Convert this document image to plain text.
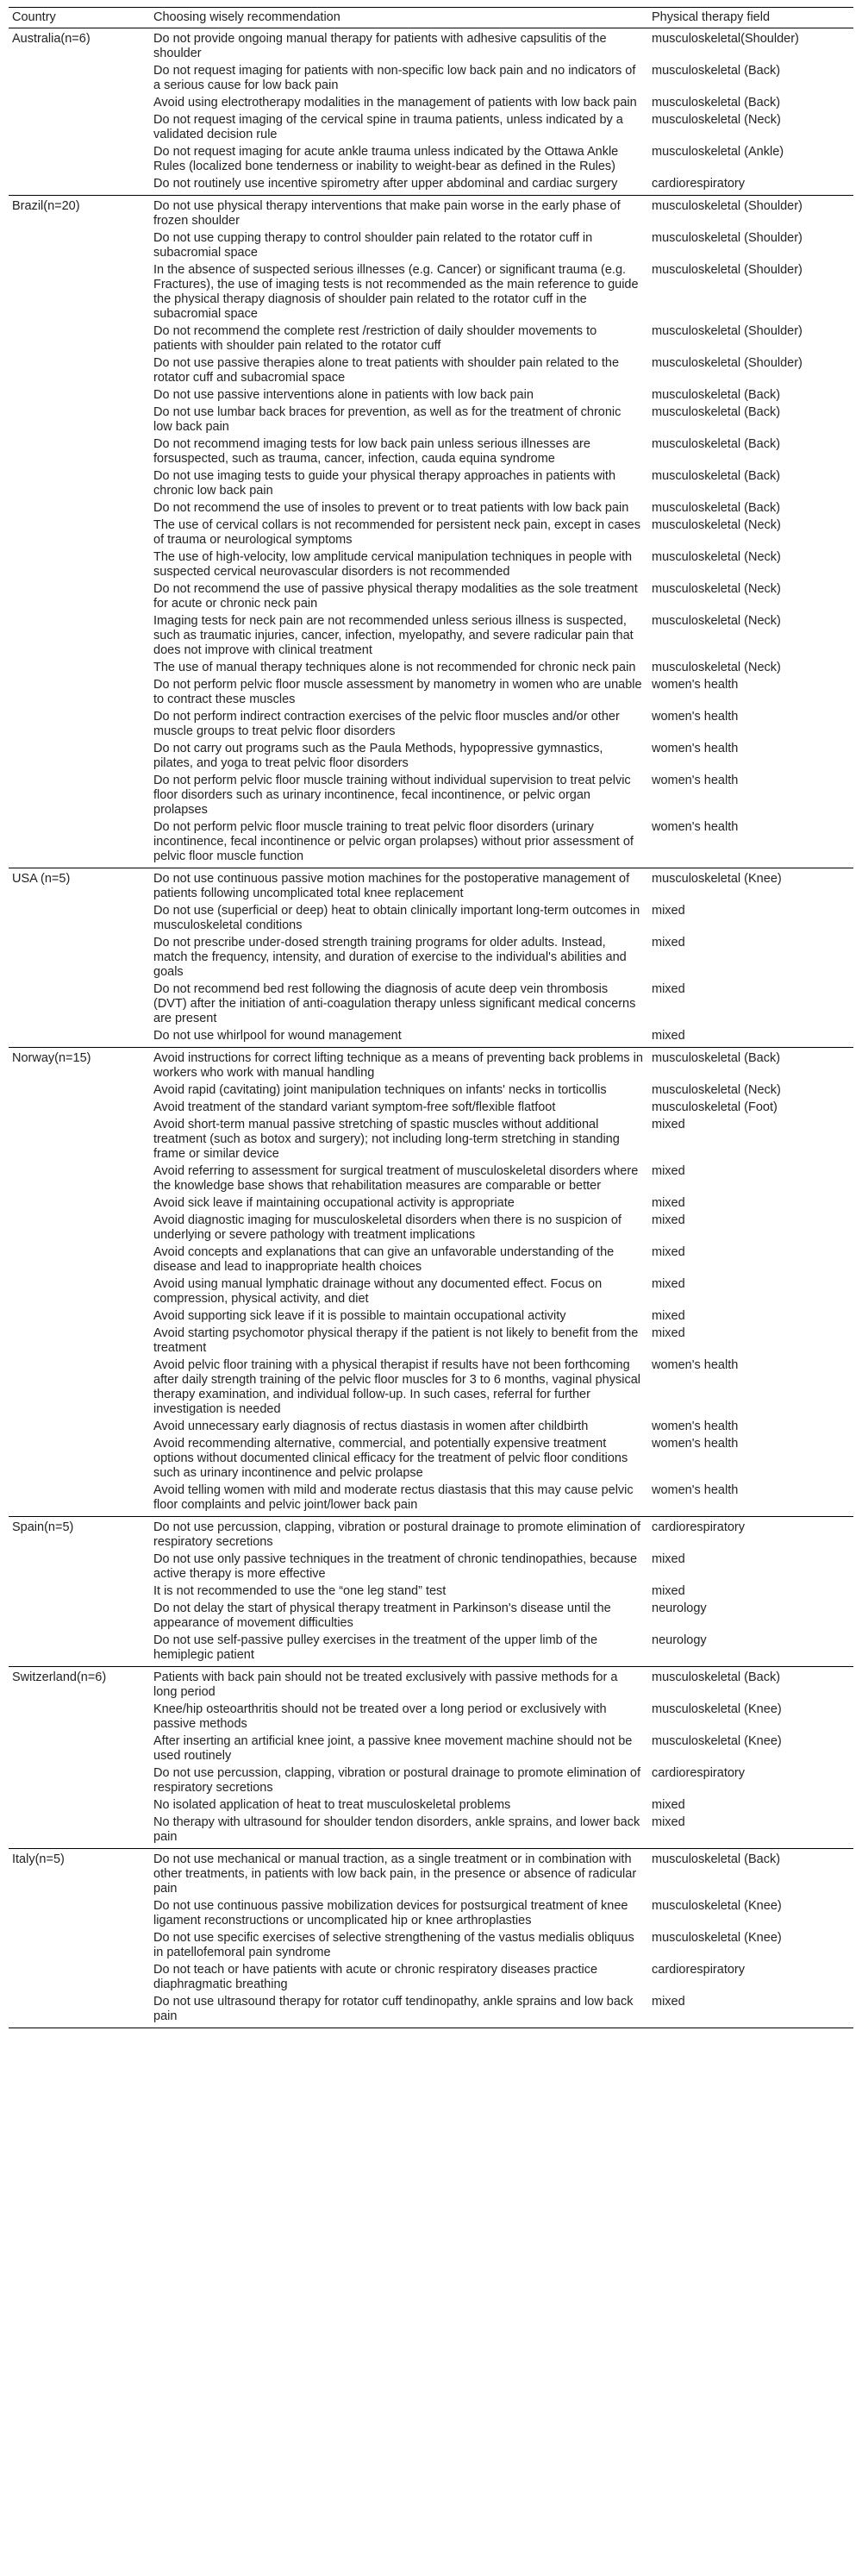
Country	Choosing wisely recommendation	Physical therapy field
Australia(n=6)	Do not provide ongoing manual therapy for patients with adhesive capsulitis of the shoulder	musculoskeletal(Shoulder)
	Do not request imaging for patients with non-specific low back pain and no indicators of a serious cause for low back pain	musculoskeletal (Back)
	Avoid using electrotherapy modalities in the management of patients with low back pain	musculoskeletal (Back)
	Do not request imaging of the cervical spine in trauma patients, unless indicated by a validated decision rule	musculoskeletal (Neck)
	Do not request imaging for acute ankle trauma unless indicated by the Ottawa Ankle Rules (localized bone tenderness or inability to weight-bear as defined in the Rules)	musculoskeletal (Ankle)
	Do not routinely use incentive spirometry after upper abdominal and cardiac surgery	cardiorespiratory
Brazil(n=20)	Do not use physical therapy interventions that make pain worse in the early phase of frozen shoulder	musculoskeletal (Shoulder)
	Do not use cupping therapy to control shoulder pain related to the rotator cuff in subacromial space	musculoskeletal (Shoulder)
	In the absence of suspected serious illnesses (e.g. Cancer) or significant trauma (e.g. Fractures), the use of imaging tests is not recommended as the main reference to guide the physical therapy diagnosis of shoulder pain related to the rotator cuff in the subacromial space	musculoskeletal (Shoulder)
	Do not recommend the complete rest /restriction of daily shoulder movements to patients with shoulder pain related to the rotator cuff	musculoskeletal (Shoulder)
	Do not use passive therapies alone to treat patients with shoulder pain related to the rotator cuff and subacromial space	musculoskeletal (Shoulder)
	Do not use passive interventions alone in patients with low back pain	musculoskeletal (Back)
	Do not use lumbar back braces for prevention, as well as for the treatment of chronic low back pain	musculoskeletal (Back)
	Do not recommend imaging tests for low back pain unless serious illnesses are forsuspected, such as trauma, cancer, infection, cauda equina syndrome	musculoskeletal (Back)
	Do not use imaging tests to guide your physical therapy approaches in patients with chronic low back pain	musculoskeletal (Back)
	Do not recommend the use of insoles to prevent or to treat patients with low back pain	musculoskeletal (Back)
	The use of cervical collars is not recommended for persistent neck pain, except in cases of trauma or neurological symptoms	musculoskeletal (Neck)
	The use of high-velocity, low amplitude cervical manipulation techniques in people with suspected cervical neurovascular disorders is not recommended	musculoskeletal (Neck)
	Do not recommend the use of passive physical therapy modalities as the sole treatment for acute or chronic neck pain	musculoskeletal (Neck)
	Imaging tests for neck pain are not recommended unless serious illness is suspected, such as traumatic injuries, cancer, infection, myelopathy, and severe radicular pain that does not improve with clinical treatment	musculoskeletal (Neck)
	The use of manual therapy techniques alone is not recommended for chronic neck pain	musculoskeletal (Neck)
	Do not perform pelvic floor muscle assessment by manometry in women who are unable to contract these muscles	women's health
	Do not perform indirect contraction exercises of the pelvic floor muscles and/or other muscle groups to treat pelvic floor disorders	women's health
	Do not carry out programs such as the Paula Methods, hypopressive gymnastics, pilates, and yoga to treat pelvic floor disorders	women's health
	Do not perform pelvic floor muscle training without individual supervision to treat pelvic floor disorders such as urinary incontinence, fecal incontinence, or pelvic organ prolapses	women's health
	Do not perform pelvic floor muscle training to treat pelvic floor disorders (urinary incontinence, fecal incontinence or pelvic organ prolapses) without prior assessment of pelvic floor muscle function	women's health
USA (n=5)	Do not use continuous passive motion machines for the postoperative management of patients following uncomplicated total knee replacement	musculoskeletal (Knee)
	Do not use (superficial or deep) heat to obtain clinically important long-term outcomes in musculoskeletal conditions	mixed
	Do not prescribe under-dosed strength training programs for older adults. Instead, match the frequency, intensity, and duration of exercise to the individual's abilities and goals	mixed
	Do not recommend bed rest following the diagnosis of acute deep vein thrombosis (DVT) after the initiation of anti-coagulation therapy unless significant medical concerns are present	mixed
	Do not use whirlpool for wound management	mixed
Norway(n=15)	Avoid instructions for correct lifting technique as a means of preventing back problems in workers who work with manual handling	musculoskeletal (Back)
	Avoid rapid (cavitating) joint manipulation techniques on infants' necks in torticollis	musculoskeletal (Neck)
	Avoid treatment of the standard variant symptom-free soft/flexible flatfoot	musculoskeletal (Foot)
	Avoid short-term manual passive stretching of spastic muscles without additional treatment (such as botox and surgery); not including long-term stretching in standing frame or similar device	mixed
	Avoid referring to assessment for surgical treatment of musculoskeletal disorders where the knowledge base shows that rehabilitation measures are comparable or better	mixed
	Avoid sick leave if maintaining occupational activity is appropriate	mixed
	Avoid diagnostic imaging for musculoskeletal disorders when there is no suspicion of underlying or severe pathology with treatment implications	mixed
	Avoid concepts and explanations that can give an unfavorable understanding of the disease and lead to inappropriate health choices	mixed
	Avoid using manual lymphatic drainage without any documented effect. Focus on compression, physical activity, and diet	mixed
	Avoid supporting sick leave if it is possible to maintain occupational activity	mixed
	Avoid starting psychomotor physical therapy if the patient is not likely to benefit from the treatment	mixed
	Avoid pelvic floor training with a physical therapist if results have not been forthcoming after daily strength training of the pelvic floor muscles for 3 to 6 months, vaginal physical therapy examination, and individual follow-up. In such cases, referral for further investigation is needed	women's health
	Avoid unnecessary early diagnosis of rectus diastasis in women after childbirth	women's health
	Avoid recommending alternative, commercial, and potentially expensive treatment options without documented clinical efficacy for the treatment of pelvic floor conditions such as urinary incontinence and pelvic prolapse	women's health
	Avoid telling women with mild and moderate rectus diastasis that this may cause pelvic floor complaints and pelvic joint/lower back pain	women's health
Spain(n=5)	Do not use percussion, clapping, vibration or postural drainage to promote elimination of respiratory secretions	cardiorespiratory
	Do not use only passive techniques in the treatment of chronic tendinopathies, because active therapy is more effective	mixed
	It is not recommended to use the “one leg stand” test	mixed
	Do not delay the start of physical therapy treatment in Parkinson's disease until the appearance of movement difficulties	neurology
	Do not use self-passive pulley exercises in the treatment of the upper limb of the hemiplegic patient	neurology
Switzerland(n=6)	Patients with back pain should not be treated exclusively with passive methods for a long period	musculoskeletal (Back)
	Knee/hip osteoarthritis should not be treated over a long period or exclusively with passive methods	musculoskeletal (Knee)
	After inserting an artificial knee joint, a passive knee movement machine should not be used routinely	musculoskeletal (Knee)
	Do not use percussion, clapping, vibration or postural drainage to promote elimination of respiratory secretions	cardiorespiratory
	No isolated application of heat to treat musculoskeletal problems	mixed
	No therapy with ultrasound for shoulder tendon disorders, ankle sprains, and lower back pain	mixed
Italy(n=5)	Do not use mechanical or manual traction, as a single treatment or in combination with other treatments, in patients with low back pain, in the presence or absence of radicular pain	musculoskeletal (Back)
	Do not use continuous passive mobilization devices for postsurgical treatment of knee ligament reconstructions or uncomplicated hip or knee arthroplasties	musculoskeletal (Knee)
	Do not use specific exercises of selective strengthening of the vastus medialis obliquus in patellofemoral pain syndrome	musculoskeletal (Knee)
	Do not teach or have patients with acute or chronic respiratory diseases practice diaphragmatic breathing	cardiorespiratory
	Do not use ultrasound therapy for rotator cuff tendinopathy, ankle sprains and low back pain	mixed
